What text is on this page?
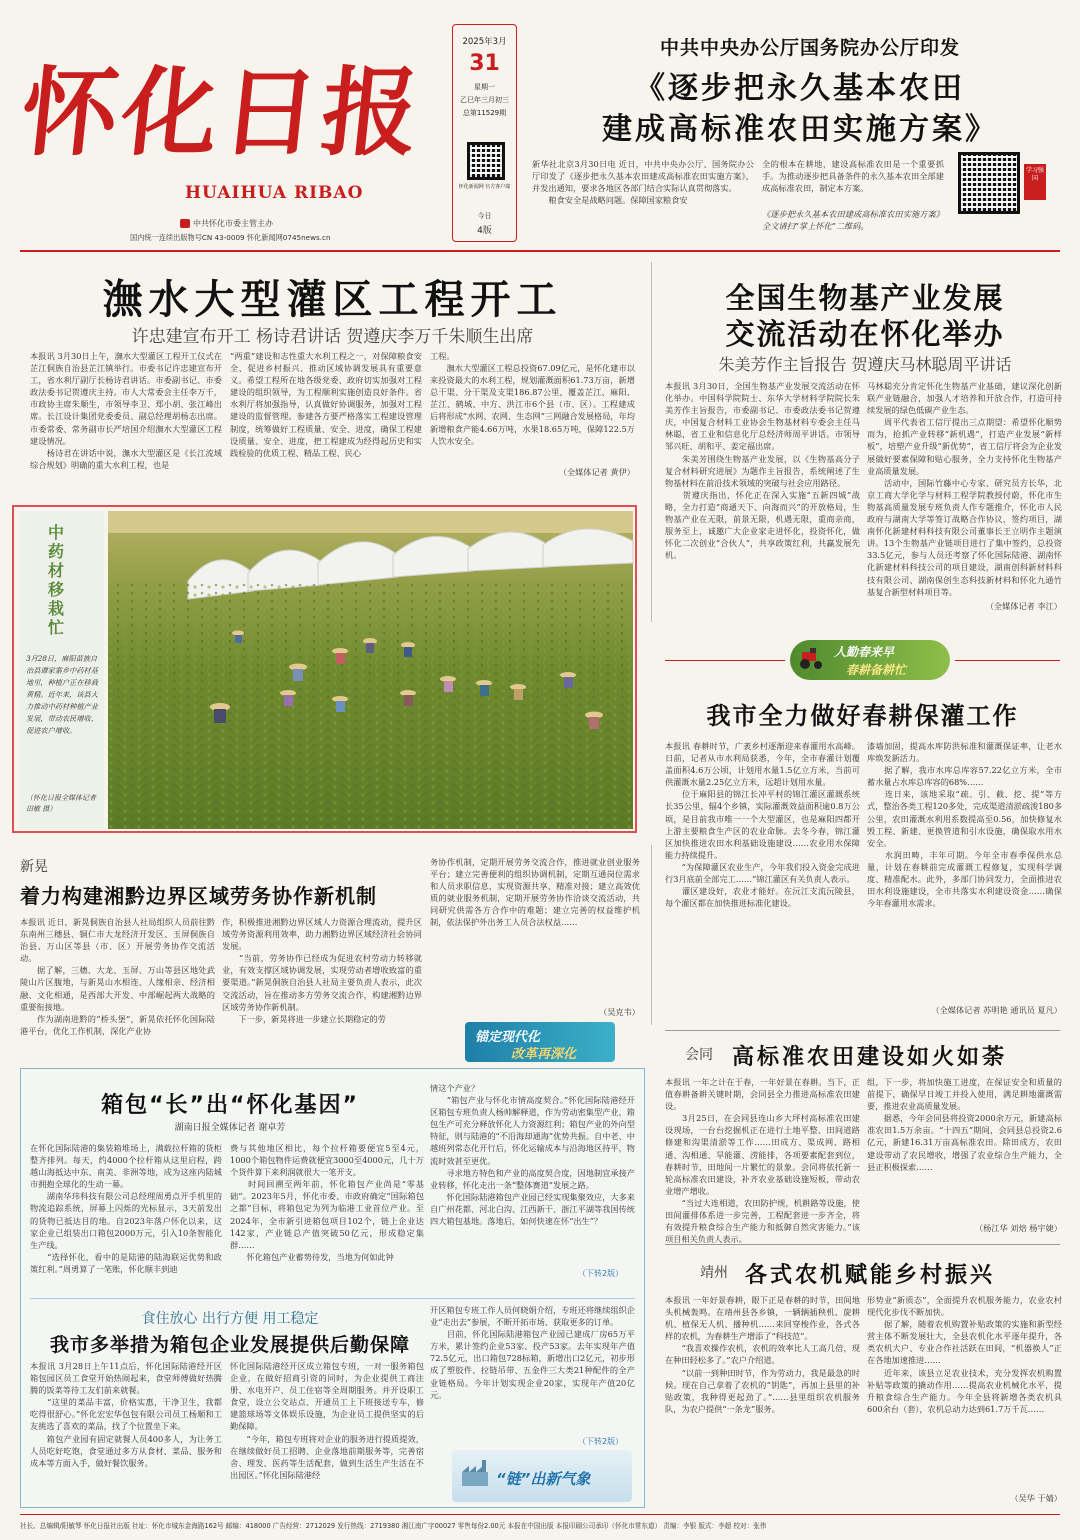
怀化日报
HUAIHUA RIBAO
中共怀化市委主管主办
国内统一连续出版物号CN 43-0009 怀化新闻网0745news.cn
2025年3月
31
星期一
乙巳年三月初三
总第11529期
怀化新闻网 官方客户端
今日
4版
中共中央办公厅国务院办公厅印发
《逐步把永久基本农田
建成高标准农田实施方案》
新华社北京3月30日电 近日，中共中央办公厅、国务院办公厅印发了《逐步把永久基本农田建成高标准农田实施方案》，并发出通知，要求各地区各部门结合实际认真贯彻落实。
　　粮食安全是战略问题。保障国家粮食安
全的根本在耕地，建设高标准农田是一个重要抓手。为推动逐步把具备条件的永久基本农田全部建成高标准农田，制定本方案。
《逐步把永久基本农田建成高标准农田实施方案》全文请扫“掌上怀化”二维码。
学习强国
潕水大型灌区工程开工
许忠建宣布开工 杨诗君讲话 贺遵庆李万千朱顺生出席
本报讯 3月30日上午，潕水大型灌区工程开工仪式在芷江侗族自治县芷江镇举行。市委书记许忠建宣布开工，省水利厅副厅长杨诗君讲话。市委副书记、市委政法委书记贺遵庆主持。市人大常委会主任李万千，市政协主席朱顺生，市领导李卫、郑小胡、张江峰出席。长江设计集团党委委员、副总经理胡杨志出席。市委常委、常务副市长严培国介绍潕水大型灌区工程建设情况。
　　杨诗君在讲话中说，潕水大型灌区是《长江流域综合规划》明确的重大水利工程，也是
“两重”建设和志性重大水利工程之一，对保障粮食安全、促进乡村振兴、推动区域协调发展具有重要意义。希望工程所在地各级党委、政府切实加强对工程建设的组织领导，为工程顺利实施创造良好条件。省水利厅将加强指导，认真做好协调服务，加强对工程建设的监督管理。参建各方要严格落实工程建设管理制度，统筹做好工程质量、安全、进度，确保工程建设质量、安全、进度，把工程建成为经得起历史和实践检验的优质工程、精品工程、民心
工程。
　　潕水大型灌区工程总投资67.09亿元，是怀化建市以来投资最大的水利工程，规划灌溉面积61.73万亩，新增总干渠、分干渠及支渠186.87公里，覆盖芷江、麻阳、芷江、鹤城、中方、洪江市6个县（市、区）。工程建成后将形成“水网、农网、生态网”三网融合发展格局，年均新增粮食产能4.66万吨，水果18.65万吨，保障122.5万人饮水安全。
（全媒体记者 黄伊）
全国生物基产业发展
交流活动在怀化举办
朱美芳作主旨报告 贺遵庆马林聪周平讲话
本报讯 3月30日，全国生物基产业发展交流活动在怀化举办。中国科学院院士、东华大学材料学院院长朱美芳作主旨报告，市委副书记、市委政法委书记贺遵庆，中国复合材料工业协会生物基材料专委会主任马林聪，省工业和信息化厅总经济师周平讲话。市领导邹兴旺、胡和平、姜定福出席。
　　朱美芳围绕生物基产业发展，以《生物基高分子复合材料研究进展》为题作主旨报告，系统阐述了生物基材料在前沿技术领域的突破与社会应用路径。
　　贺遵庆指出，怀化正在深入实施“五新四城”战略，全力打造“商通天下、向海而兴”的开放格局，生物基产业在无限，前景无限，机遇无限，重商亲商，服务至上，诚邀广大企业家走进怀化，投资怀化，做怀化二次创业“合伙人”，共享政策红利，共赢发展先机。
马林聪充分肯定怀化生物基产业基础，建议深化创新联产业链融合，加强人才培养和开放合作，打造可持续发展的绿色低碳产业生态。
　　周平代表省工信厅提出三点期望：希望怀化顺势而为，抢抓产业转移“新机遇”，打造产业发展“新样板”，培塑产业升级“新优势”，省工信厅将会为企业发展做好要素保障和贴心服务，全力支持怀化生物基产业高质量发展。
　　活动中，国际竹藤中心专家、研究员方长华，北京工商大学化学与材料工程学院教授付蔚，怀化市生物基高质量发展专班负责人作专题推介，怀化市人民政府与湖南大学等签订战略合作协议，签约项目，湖南怀化新建材料科技有限公司董事长王立明作主题演讲。13个生物基产业链项目进行了集中签约，总投资33.5亿元，参与人员还考察了怀化国际陆港、湖南怀化新建材料科技公司的项目建设，湖南创科新材料科技有限公司、湖南保创生态科技新材料和怀化九通竹基复合新型材料项目等。
（全媒体记者 李江）
中药材移栽忙
3月28日，麻阳苗族自治县谭家寨乡中药材基地里，种植户正在移栽黄精。近年来，该县大力推动中药材种植产业发展，带动农民增收、促进农户增收。
（怀化日报全媒体记者 田敏 摄）
人勤春来早
春耕备耕忙
我市全力做好春耕保灌工作
本报讯 春耕时节，广袤乡村逐渐迎来春灌用水高峰。日前，记者从市水利局获悉，今年，全市春灌计划覆盖面积4.6万公顷，计划用水量1.5亿立方米，当前可供灌溉水量2.25亿立方米，远超计划用水量。
　　位于麻阳县的锦江长冲平村的锦江灌区灌溉系统长35公里，辐4个乡镇，实际灌溉效益面积逾0.8万公顷，是目前我市唯一一个大型灌区，也是麻阳四都开上游主要粮食生产区的农业命脉。去冬今春，锦江灌区加快推进农田水利基础设施建设……农业用水保障能力持续提升。
　　“为保障灌区农业生产，今年我们投入资金完成进行3月底前全部完工……”锦江灌区有关负责人表示。
　　灌区建设好，农业才能好。在沅江支流沅陵县，每个灌区都在加快推进标准化建设。
漆墙加固，提高水库防洪标准和灌溉保证率，让老水库焕发新活力。
　　据了解，我市水库总库容57.22亿立方米，全市蓄水量占水库总库容的68%……
　　连日来，该地采取“疏、引、截、挖、提”等方式，整治各类工程120多处，完成渠道清淤疏浚180多公里，农田灌溉水利用系数提高至0.56，加快修复水毁工程、新建、更换管道和引水设施，确保取水用水安全。
　　水润田畴，丰年可期。今年全市春季保供水总量，计划在春耕前完成灌溉工程修复，实现科学调度、精准配水。此外，多部门协同发力，全面推进农田水利设施建设，全市共落实水利建设资金……确保今年春灌用水需求。
（全媒体记者 苏明艳 通讯员 夏凡）
新晃
着力构建湘黔边界区域劳务协作新机制
本报讯 近日，新晃侗族自治县人社局组织人员前往黔东南州三穗县、铜仁市大龙经济开发区、玉屏侗族自治县、万山区等县（市、区）开展劳务协作交流活动。
　　据了解，三穗、大龙、玉屏、万山等县区地处武陵山片区腹地，与新晃山水相连、人缘相亲、经济相融、文化相通，是西部大开发、中部崛起两大战略的重要衔接地。
　　作为湖南进黔的“桥头堡”，新晃依托怀化国际陆港平台，优化工作机制，深化产业协
作，积极推进湘黔边界区域人力资源合理流动，提升区域劳务资源利用效率，助力湘黔边界区域经济社会协同发展。
　　“当前，劳务协作已经成为促进农村劳动力转移就业，有效支撑区域协调发展，实现劳动者增收致富的重要渠道。”新晃侗族自治县人社局主要负责人表示，此次交流活动，旨在推动多方劳务交流合作，构建湘黔边界区域劳务协作新机制。
　　下一步，新晃将进一步建立长期稳定的劳
务协作机制，定期开展劳务交流合作，推进就业创业服务平台；建立完善便利的组织协调机制，定期互通岗位需求和人员求职信息，实现资源共享、精准对接；建立高效优质的就业服务机制，定期开展劳务协作洽谈交流活动，共同研究供需各方合作中的难题；建立完善的权益维护机制，依法保护外出务工人员合法权益……
（吴克韦）
锚定现代化
改革再深化
箱包“长”出“怀化基因”
湖南日报全媒体记者 谢卓芳
在怀化国际陆港的集装箱堆场上，满载拉杆箱的货柜整齐排列。每天，约4000个拉杆箱从这里启程，跨越山海抵达中东、南美、非洲等地，成为这座内陆城市拥抱全球化的生动一幕。
　　湖南华玮科技有限公司总经理周勇点开手机里的物流追踪系统，屏幕上闪烁的光标显示，3天前发出的货物已抵达目的地。自2023年落户怀化以来，这家企业已组装出口箱包2000万元，引入10条智能化生产线。
　　“选择怀化，看中的是陆港的陆海联运优势和政策红利。”周勇算了一笔账，怀化顺丰到迪
费与其他地区相比，每个拉杆箱要便宜5至4元，1000个箱包物件运费就便宜3000至4000元，几十万个货件算下来利润就很大一笔开支。
　　时间回溯至两年前，怀化箱包产业尚是“零基础”。2023年5月，怀化市委、市政府确定“国际箱包之都”目标，将箱包定为列为临港工业首位产业。至2024年，全市新引进箱包项目102个，链上企业达142家，产业链总产值突破50亿元，形成稳定集群……
　　怀化箱包产业蓄势待发，当地为何如此钟
情这个产业？
　　“箱包产业与怀化市情高度契合。”怀化国际陆港经开区箱包专班负责人杨帅解释道，作为劳动密集型产业，箱包生产可充分释放怀化人力资源红利；箱包产业的外向型特征，则与陆港的“不沿海却通海”优势共振。自中老、中越班列常态化开行后，怀化运输成本与沿海地区持平，物流时效甚至更优。
　　寻求地方特色和产业的高度契合度，因地制宜承接产业转移，怀化走出一条“整体赛道”发展之路。
　　怀化国际陆港箱包产业园已经实现集聚效应，大多来自广州花都、河北白沟、江西新干、浙江平湖等我国传统四大箱包基地。落地后，如何快速在怀“出生”？
（下转2版）
食住放心 出行方便 用工稳定
我市多举措为箱包企业发展提供后勤保障
本报讯 3月28日上午11点后，怀化国际陆港经开区箱包园区员工食堂开始热闹起来，食堂师傅做好热腾腾的饭菜等待工友们前来就餐。
　　“这里的菜品丰富，价格实惠，干净卫生，我都吃得很舒心。”怀化宏宏华包包有限公司员工杨顺和工友挑选了喜欢的菜品，找了个位置坐下来。
　　箱包产业园有固定就餐人员400多人，为让务工人员吃好吃饱，食堂通过多方从食材、菜品、服务和成本等方面入手，做好餐饮服务。
怀化国际陆港经开区成立箱包专班，一对一服务箱包企业，在做好招商引资的同时，为企业提供工商注册、水电开户、员工住宿等全周期服务。并开设职工食堂，设立公交站点、开通员工上下班接送专车，修建篮球场等文体娱乐设施，为企业员工提供坚实的后勤保障。
　　“今年，箱包专班将对企业的服务进行提质提效，在继续做好员工招聘、企业落地前期服务等，完善宿舍、理发、医药等生活配套，做到生活生产生活在不出园区。”怀化国际陆港经
开区箱包专班工作人员何晓娟介绍，专班还将继续组织企业“走出去”参展，不断开拓市场、获取更多的订单。
　　目前，怀化国际陆港箱包产业园已建成厂房65万平方米，累计签约企业53家、投产53家。去年实现年产值72.5亿元，出口箱包728标箱，新增出口2亿元，初步形成了塑胶件、拉链吊带、五金件三大类21种配件的全产业链格局。今年计划实现企业20家，实现年产值20亿元。
（下转2版）
“链”出新气象
会同 高标准农田建设如火如荼
本报讯 一年之计在于春，一年好景在春耕。当下，正值春耕备耕关键时期，会同县全力推进高标准农田建设。
　　3月25日，在会同县连山乡大坪村高标准农田建设现场，一台台挖掘机正在进行土地平整、田间道路修建和沟渠清淤等工作……田成方、渠成网、路相通、沟相通、旱能灌、涝能排，各项要素配套到位，春耕时节，田地间一片繁忙的景象。会同将依托新一轮高标准农田建设，补齐农业基础设施短板，带动农业增产增收。
　　“当过大连相道，农田防护规，机耕路等设施，使田间灌排体系进一步完善，工程配套进一步齐全，将有效提升粮食综合生产能力和抵御自然灾害能力。”该项目相关负责人表示。
组，下一步，将加快施工进度，在保证安全和质量的前提下，确保早日竣工并投入使用，满足耕地灌溉需要，推进农业高质量发展。
　　据悉，今年会同县将投资2000余万元，新建高标准农田1.5万余亩。“十四五”期间，会同县总投资2.6亿元，新建16.31万亩高标准农田。除田成方，农田建设带动了农民增收，增强了农业综合生产能力，全县正积极探索……
（杨江华 刘焙 杨宇婕）
靖州 各式农机赋能乡村振兴
本报讯 一年好景春耕，眼下正是春耕的时节，田间地头机械轰鸣。在靖州县各乡镇，一辆辆插秧机、旋耕机、植保无人机、播种机……来回穿梭作业，各式各样的农机，为春耕生产增添了“科技范”。
　　“我喜欢操作农机，农机的效率比人工高几倍，现在种田轻松多了。”农户介绍道。
　　“以前一到种田时节，作为劳动力，我是最急的时候。现在自己拿着了农机的“钥匙”，再加上县里的补贴政策，我种得更起劲了。”……县里组织农机服务队，为农户提供“一条龙”服务。
形势业“新质态”，全面提升农机服务能力，农业农村现代化步伐不断加快。
　　据了解，随着农机购置补贴政策的实施和新型经营主体不断发展壮大，全县农机化水平逐年提升，各类农机大户、专业合作社活跃在田间，“机器换人”正在各地加速推进……
　　近年来，该县立足农业技术，充分发挥农机购置补贴等政策的撬动作用……提高农业机械化水平，提升粮食综合生产能力。今年全县将新增各类农机具600余台（套），农机总动力达到61.7万千瓦……
（吴华 于婧）
社长、总编辑/阳敏琴 怀化日报社出版 社址：怀化市城东金海路162号 邮编：418000 广告经营：2712029 发行热线：2719380 湘江南广字00027 零售每份2.00元 本报在中国出版 本报印刷公司承印（怀化市常东道） 责编：李银 版式：李超 校对：张伟
